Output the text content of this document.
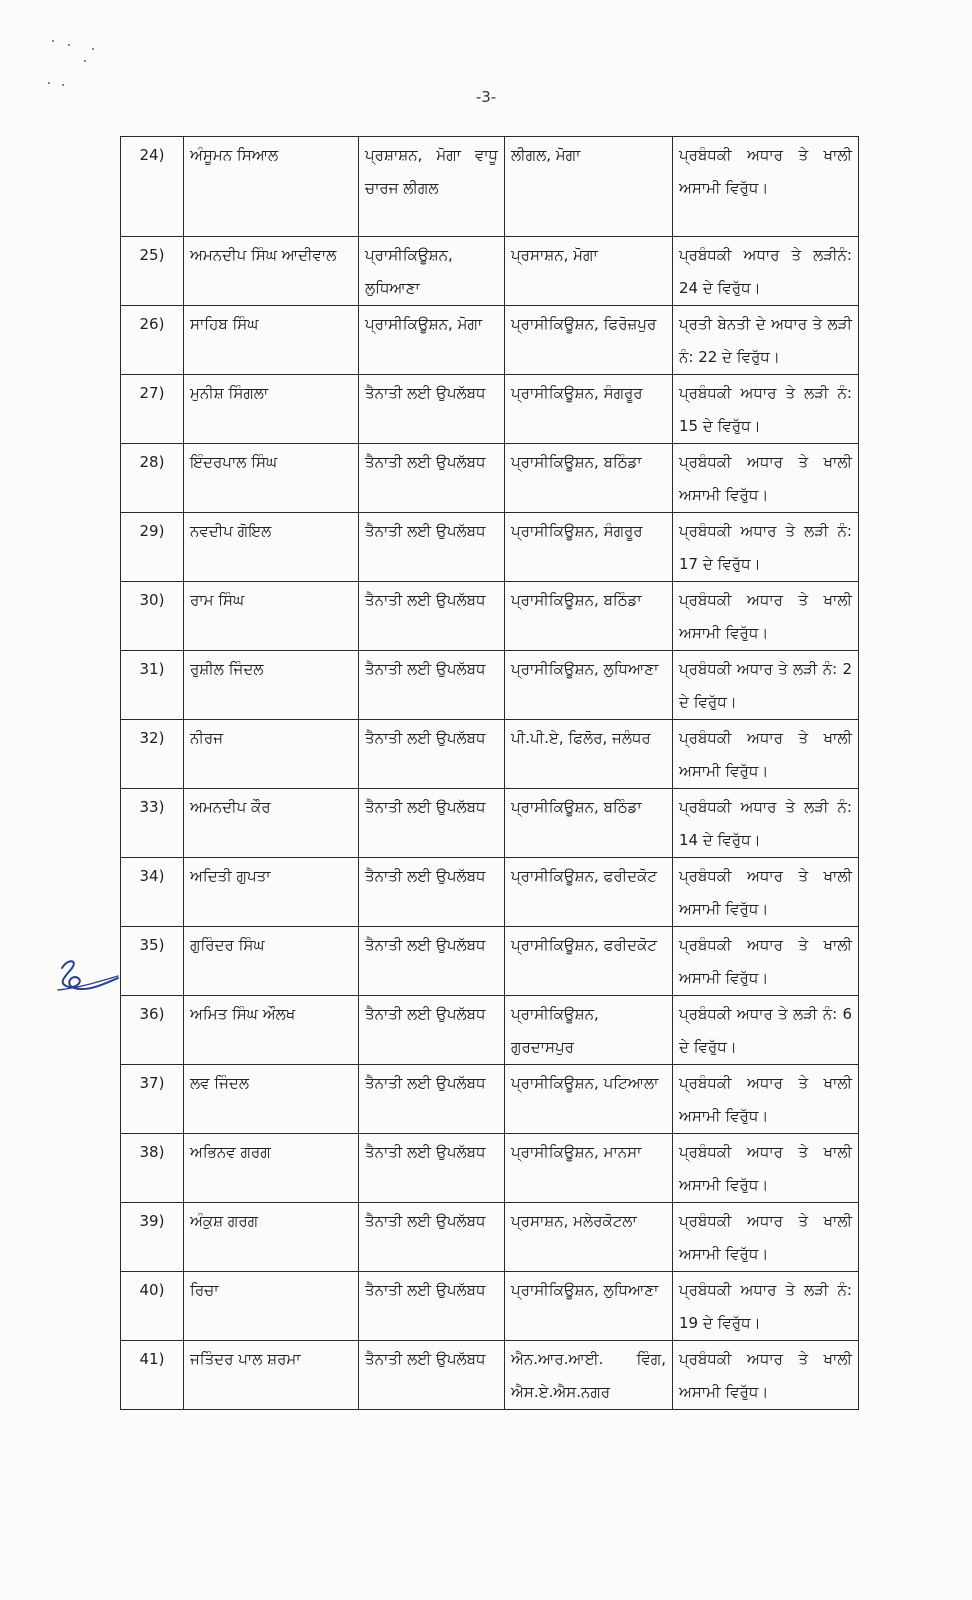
-3-
24)	ਅੰਸੂਮਨ ਸਿਆਲ	ਪ੍ਰਸ਼ਾਸ਼ਨ, ਮੋਗਾ ਵਾਧੂ ਚਾਰਜ ਲੀਗਲ	ਲੀਗਲ, ਮੋਗਾ	ਪ੍ਰਬੰਧਕੀ ਅਧਾਰ ਤੇ ਖਾਲੀ ਅਸਾਮੀ ਵਿਰੁੱਧ।
25)	ਅਮਨਦੀਪ ਸਿੰਘ ਆਦੀਵਾਲ	ਪ੍ਰਾਸੀਕਿਊਸ਼ਨ, ਲੁਧਿਆਣਾ	ਪ੍ਰਸਾਸ਼ਨ, ਮੋਗਾ	ਪ੍ਰਬੰਧਕੀ ਅਧਾਰ ਤੇ ਲੜੀਨੰ: 24 ਦੇ ਵਿਰੁੱਧ।
26)	ਸਾਹਿਬ ਸਿੰਘ	ਪ੍ਰਾਸੀਕਿਊਸ਼ਨ, ਮੋਗਾ	ਪ੍ਰਾਸੀਕਿਊਸ਼ਨ, ਫਿਰੋਜ਼ਪੁਰ	ਪ੍ਰਤੀ ਬੇਨਤੀ ਦੇ ਅਧਾਰ ਤੇ ਲੜੀ ਨੰ: 22 ਦੇ ਵਿਰੁੱਧ।
27)	ਮੁਨੀਸ਼ ਸਿੰਗਲਾ	ਤੈਨਾਤੀ ਲਈ ਉਪਲੱਬਧ	ਪ੍ਰਾਸੀਕਿਊਸ਼ਨ, ਸੰਗਰੂਰ	ਪ੍ਰਬੰਧਕੀ ਅਧਾਰ ਤੇ ਲੜੀ ਨੰ: 15 ਦੇ ਵਿਰੁੱਧ।
28)	ਇੰਦਰਪਾਲ ਸਿੰਘ	ਤੈਨਾਤੀ ਲਈ ਉਪਲੱਬਧ	ਪ੍ਰਾਸੀਕਿਊਸ਼ਨ, ਬਠਿੰਡਾ	ਪ੍ਰਬੰਧਕੀ ਅਧਾਰ ਤੇ ਖਾਲੀ ਅਸਾਮੀ ਵਿਰੁੱਧ।
29)	ਨਵਦੀਪ ਗੋਇਲ	ਤੈਨਾਤੀ ਲਈ ਉਪਲੱਬਧ	ਪ੍ਰਾਸੀਕਿਊਸ਼ਨ, ਸੰਗਰੂਰ	ਪ੍ਰਬੰਧਕੀ ਅਧਾਰ ਤੇ ਲੜੀ ਨੰ: 17 ਦੇ ਵਿਰੁੱਧ।
30)	ਰਾਮ ਸਿੰਘ	ਤੈਨਾਤੀ ਲਈ ਉਪਲੱਬਧ	ਪ੍ਰਾਸੀਕਿਊਸ਼ਨ, ਬਠਿੰਡਾ	ਪ੍ਰਬੰਧਕੀ ਅਧਾਰ ਤੇ ਖਾਲੀ ਅਸਾਮੀ ਵਿਰੁੱਧ।
31)	ਰੁਸ਼ੀਲ ਜਿੰਦਲ	ਤੈਨਾਤੀ ਲਈ ਉਪਲੱਬਧ	ਪ੍ਰਾਸੀਕਿਊਸ਼ਨ, ਲੁਧਿਆਣਾ	ਪ੍ਰਬੰਧਕੀ ਅਧਾਰ ਤੇ ਲੜੀ ਨੰ: 2 ਦੇ ਵਿਰੁੱਧ।
32)	ਨੀਰਜ	ਤੈਨਾਤੀ ਲਈ ਉਪਲੱਬਧ	ਪੀ.ਪੀ.ਏ, ਫਿਲੋਰ, ਜਲੰਧਰ	ਪ੍ਰਬੰਧਕੀ ਅਧਾਰ ਤੇ ਖਾਲੀ ਅਸਾਮੀ ਵਿਰੁੱਧ।
33)	ਅਮਨਦੀਪ ਕੌਰ	ਤੈਨਾਤੀ ਲਈ ਉਪਲੱਬਧ	ਪ੍ਰਾਸੀਕਿਊਸ਼ਨ, ਬਠਿੰਡਾ	ਪ੍ਰਬੰਧਕੀ ਅਧਾਰ ਤੇ ਲੜੀ ਨੰ: 14 ਦੇ ਵਿਰੁੱਧ।
34)	ਅਦਿਤੀ ਗੁਪਤਾ	ਤੈਨਾਤੀ ਲਈ ਉਪਲੱਬਧ	ਪ੍ਰਾਸੀਕਿਊਸ਼ਨ, ਫਰੀਦਕੋਟ	ਪ੍ਰਬੰਧਕੀ ਅਧਾਰ ਤੇ ਖਾਲੀ ਅਸਾਮੀ ਵਿਰੁੱਧ।
35)	ਗੁਰਿੰਦਰ ਸਿੰਘ	ਤੈਨਾਤੀ ਲਈ ਉਪਲੱਬਧ	ਪ੍ਰਾਸੀਕਿਊਸ਼ਨ, ਫਰੀਦਕੋਟ	ਪ੍ਰਬੰਧਕੀ ਅਧਾਰ ਤੇ ਖਾਲੀ ਅਸਾਮੀ ਵਿਰੁੱਧ।
36)	ਅਮਿਤ ਸਿੰਘ ਔਲਖ	ਤੈਨਾਤੀ ਲਈ ਉਪਲੱਬਧ	ਪ੍ਰਾਸੀਕਿਊਸ਼ਨ, ਗੁਰਦਾਸਪੁਰ	ਪ੍ਰਬੰਧਕੀ ਅਧਾਰ ਤੇ ਲੜੀ ਨੰ: 6 ਦੇ ਵਿਰੁੱਧ।
37)	ਲਵ ਜਿੰਦਲ	ਤੈਨਾਤੀ ਲਈ ਉਪਲੱਬਧ	ਪ੍ਰਾਸੀਕਿਊਸ਼ਨ, ਪਟਿਆਲਾ	ਪ੍ਰਬੰਧਕੀ ਅਧਾਰ ਤੇ ਖਾਲੀ ਅਸਾਮੀ ਵਿਰੁੱਧ।
38)	ਅਭਿਨਵ ਗਰਗ	ਤੈਨਾਤੀ ਲਈ ਉਪਲੱਬਧ	ਪ੍ਰਾਸੀਕਿਊਸ਼ਨ, ਮਾਨਸਾ	ਪ੍ਰਬੰਧਕੀ ਅਧਾਰ ਤੇ ਖਾਲੀ ਅਸਾਮੀ ਵਿਰੁੱਧ।
39)	ਅੰਕੁਸ਼ ਗਰਗ	ਤੈਨਾਤੀ ਲਈ ਉਪਲੱਬਧ	ਪ੍ਰਸਾਸ਼ਨ, ਮਲੇਰਕੋਟਲਾ	ਪ੍ਰਬੰਧਕੀ ਅਧਾਰ ਤੇ ਖਾਲੀ ਅਸਾਮੀ ਵਿਰੁੱਧ।
40)	ਰਿਚਾ	ਤੈਨਾਤੀ ਲਈ ਉਪਲੱਬਧ	ਪ੍ਰਾਸੀਕਿਊਸ਼ਨ, ਲੁਧਿਆਣਾ	ਪ੍ਰਬੰਧਕੀ ਅਧਾਰ ਤੇ ਲੜੀ ਨੰ: 19 ਦੇ ਵਿਰੁੱਧ।
41)	ਜਤਿੰਦਰ ਪਾਲ ਸ਼ਰਮਾ	ਤੈਨਾਤੀ ਲਈ ਉਪਲੱਬਧ	ਐਨ.ਆਰ.ਆਈ. ਵਿੰਗ, ਐਸ.ਏ.ਐਸ.ਨਗਰ	ਪ੍ਰਬੰਧਕੀ ਅਧਾਰ ਤੇ ਖਾਲੀ ਅਸਾਮੀ ਵਿਰੁੱਧ।
